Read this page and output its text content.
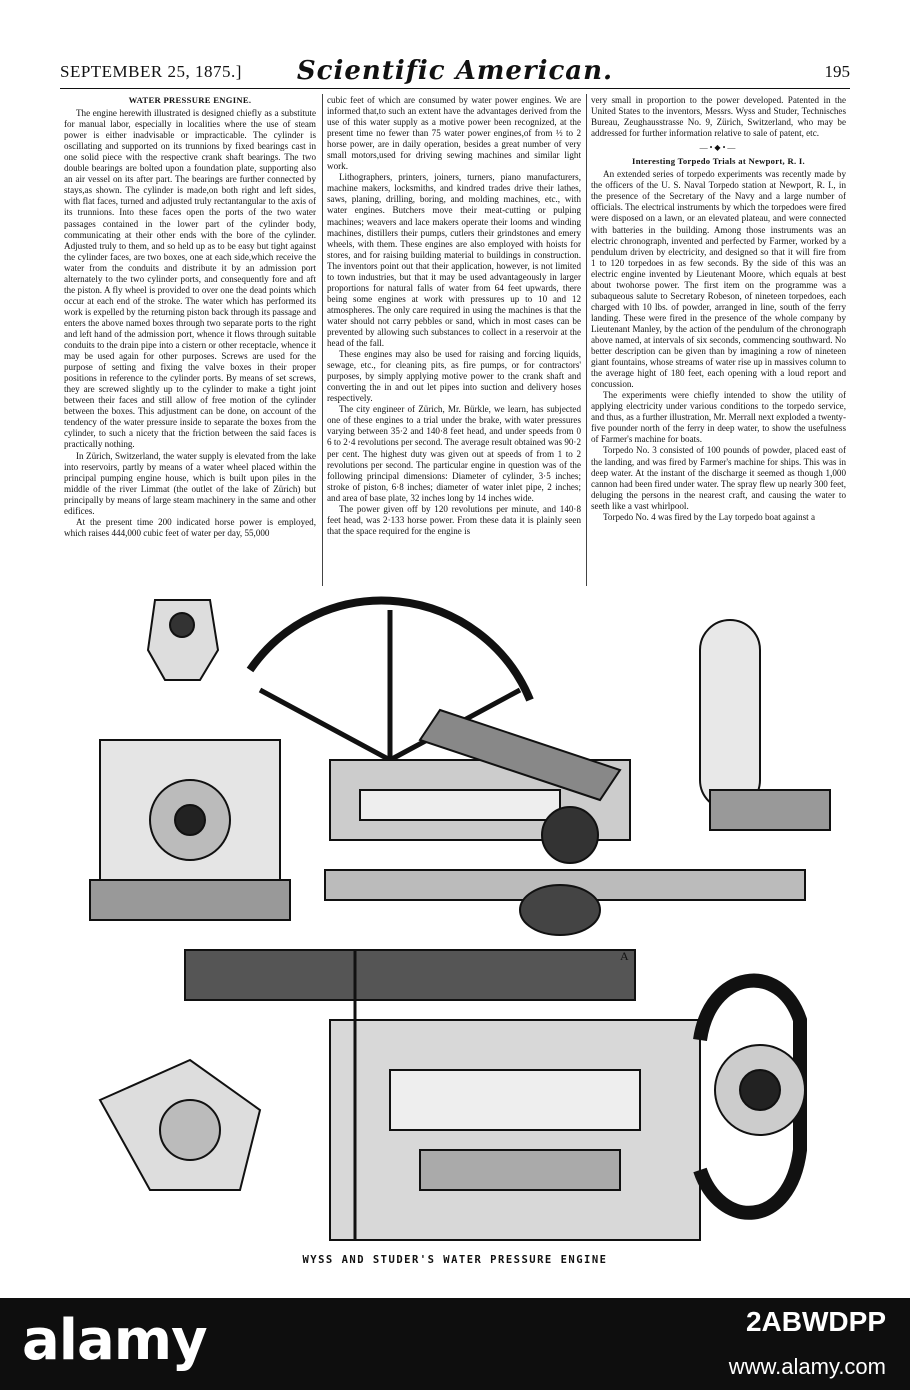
SEPTEMBER 25, 1875.]	Scientific American.	195
WATER PRESSURE ENGINE.

The engine herewith illustrated is designed chiefly as a substitute for manual labor, especially in localities where the use of steam power is either inadvisable or impracticable. The cylinder is oscillating and supported on its trunnions by fixed bearings cast in one solid piece with the respective crank shaft bearings. The two double bearings are bolted upon a foundation plate, supporting also an air vessel on its after part. The bearings are further connected by stays,as shown. The cylinder is made,on both right and left sides, with flat faces, turned and adjusted truly rectantangular to the axis of its trunnions. Into these faces open the ports of the two water passages contained in the lower part of the cylinder body, communicating at their other ends with the bore of the cylinder. Adjusted truly to them, and so held up as to be easy but tight against the cylinder faces, are two boxes, one at each side,which receive the water from the conduits and distribute it by an admission port alternately to the two cylinder ports, and consequently fore and aft the piston. A fly wheel is provided to over one the dead points which occur at each end of the stroke. The water which has performed its work is expelled by the returning piston back through its passage and enters the above named boxes through two separate ports to the right and left hand of the admission port, whence it flows through suitable conduits to the drain pipe into a cistern or other receptacle, whence it may be used again for other purposes. Screws are used for the purpose of setting and fixing the valve boxes in their proper positions in reference to the cylinder ports. By means of set screws, they are screwed slightly up to the cylinder to make a tight joint between their faces and still allow of free motion of the cylinder between the boxes. This adjustment can be done, on account of the tendency of the water pressure inside to separate the boxes from the cylinder, to such a nicety that the friction between the said faces is practically nothing.

In Zürich, Switzerland, the water supply is elevated from the lake into reservoirs, partly by means of a water wheel placed within the principal pumping engine house, which is built upon piles in the middle of the river Limmat (the outlet of the lake of Zürich) but principally by means of large steam machinery in the same and other edifices.

At the present time 200 indicated horse power is employed, which raises 444,000 cubic feet of water per day, 55,000

cubic feet of which are consumed by water power engines. We are informed that,to such an extent have the advantages derived from the use of this water supply as a motive power been recognized, at the present time no fewer than 75 water power engines,of from ½ to 2 horse power, are in daily operation, besides a great number of very small motors,used for driving sewing machines and similar light work.

Lithographers, printers, joiners, turners, piano manufacturers, machine makers, locksmiths, and kindred trades drive their lathes, saws, planing, drilling, boring, and molding machines, etc., with water engines. Butchers move their meat-cutting or pulping machines; weavers and lace makers operate their looms and winding machines, distillers their pumps, cutlers their grindstones and emery wheels, with them. These engines are also employed with hoists for stores, and for raising building material to buildings in construction. The inventors point out that their application, however, is not limited to town industries, but that it may be used advantageously in larger proportions for natural falls of water from 64 feet upwards, there being some engines at work with pressures up to 10 and 12 atmospheres. The only care required in using the machines is that the water should not carry pebbles or sand, which in most cases can be prevented by allowing such substances to collect in a reservoir at the head of the fall.

These engines may also be used for raising and forcing liquids, sewage, etc., for cleaning pits, as fire pumps, or for contractors' purposes, by simply applying motive power to the crank shaft and converting the in and out let pipes into suction and delivery hoses respectively.

The city engineer of Zürich, Mr. Bürkle, we learn, has subjected one of these engines to a trial under the brake, with water pressures varying between 35·2 and 140·8 feet head, and under speeds from 0 6 to 2·4 revolutions per second. The average result obtained was 90·2 per cent. The highest duty was given out at speeds of from 1 to 2 revolutions per second. The particular engine in question was of the following principal dimensions: Diameter of cylinder, 3·5 inches; stroke of piston, 6·8 inches; diameter of water inlet pipe, 2 inches; and area of base plate, 32 inches long by 14 inches wide.

The power given off by 120 revolutions per minute, and 140·8 feet head, was 2·133 horse power. From these data it is plainly seen that the space required for the engine is

very small in proportion to the power developed. Patented in the United States to the inventors, Messrs. Wyss and Studer, Technisches Bureau, Zeughausstrasse No. 9, Zürich, Switzerland, who may be addressed for further information relative to sale of patent, etc.

—•◆•—
Interesting Torpedo Trials at Newport, R. I.

An extended series of torpedo experiments was recently made by the officers of the U. S. Naval Torpedo station at Newport, R. I., in the presence of the Secretary of the Navy and a large number of officials. The electrical instruments by which the torpedoes were fired were disposed on a lawn, or an elevated plateau, and were connected with batteries in the building. Among those instruments was an electric chronograph, invented and perfected by Farmer, worked by a pendulum driven by electricity, and designed so that it will fire from 1 to 120 torpedoes in as few seconds. By the side of this was an electric engine invented by Lieutenant Moore, which equals at best about twohorse power. The first item on the programme was a subaqueous salute to Secretary Robeson, of nineteen torpedoes, each charged with 10 lbs. of powder, arranged in line, south of the ferry landing. These were fired in the presence of the whole company by Lieutenant Manley, by the action of the pendulum of the chronograph above named, at intervals of six seconds, commencing southward. No better description can be given than by imagining a row of nineteen giant fountains, whose streams of water rise up in massives column to the average hight of 180 feet, each opening with a loud report and concussion.

The experiments were chiefly intended to show the utility of applying electricity under various conditions to the torpedo service, and thus, as a further illustration, Mr. Merrall next exploded a twenty-five pounder north of the ferry in deep water, to show the usefulness of Farmer's machine for boats.

Torpedo No. 3 consisted of 100 pounds of powder, placed east of the landing, and was fired by Farmer's machine for ships. This was in deep water. At the instant of the discharge it seemed as though 1,000 cannon had been fired under water. The spray flew up nearly 300 feet, deluging the persons in the nearest craft, and causing the water to seeth like a vast whirlpool.

Torpedo No. 4 was fired by the Lay torpedo boat against a

A
WYSS AND STUDER'S WATER PRESSURE ENGINE
alamy	2ABWDPP
www.alamy.com
